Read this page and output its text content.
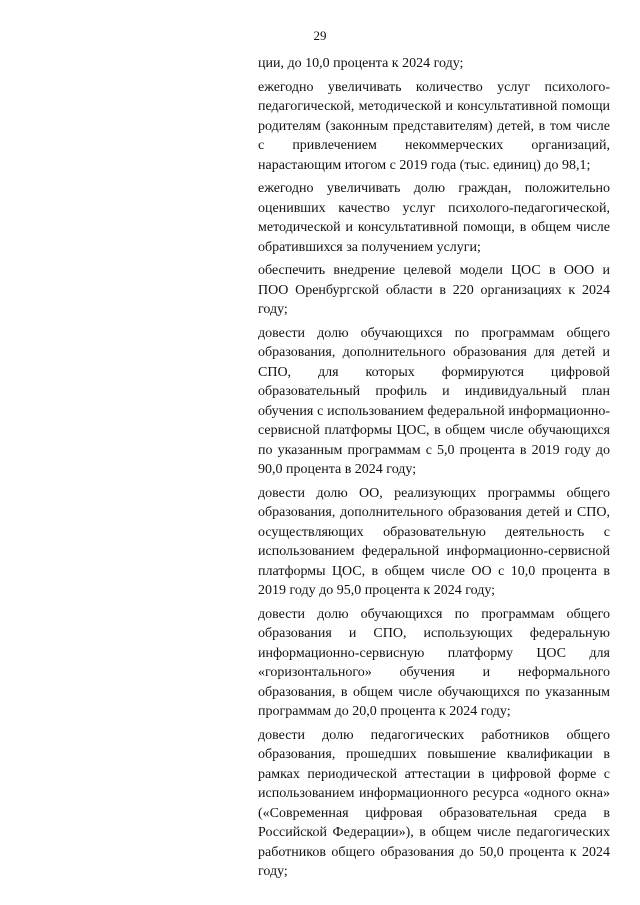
29

ции, до 10,0 процента к 2024 году;

ежегодно увеличивать количество услуг психолого-педагогической, методической и консультативной помощи родителям (законным представителям) детей, в том числе с привлечением некоммерческих организаций, нарастающим итогом с 2019 года (тыс. единиц) до 98,1;

ежегодно увеличивать долю граждан, положительно оценивших качество услуг психолого-педагогической, методической и консультативной помощи, в общем числе обратившихся за получением услуги;

обеспечить внедрение целевой модели ЦОС в ООО и ПОО Оренбургской области в 220 организациях к 2024 году;

довести долю обучающихся по программам общего образования, дополнительного образования для детей и СПО, для которых формируются цифровой образовательный профиль и индивидуальный план обучения с использованием федеральной информационно-сервисной платформы ЦОС, в общем числе обучающихся по указанным программам с 5,0 процента в 2019 году до 90,0 процента в 2024 году;

довести долю ОО, реализующих программы общего образования, дополнительного образования детей и СПО, осуществляющих образовательную деятельность с использованием федеральной информационно-сервисной платформы ЦОС, в общем числе ОО с 10,0 процента в 2019 году до 95,0 процента к 2024 году;

довести долю обучающихся по программам общего образования и СПО, использующих федеральную информационно-сервисную платформу ЦОС для «горизонтального» обучения и неформального образования, в общем числе обучающихся по указанным программам до 20,0 процента к 2024 году;

довести долю педагогических работников общего образования, прошедших повышение квалификации в рамках периодической аттестации в цифровой форме с использованием информационного ресурса «одного окна» («Современная цифровая образовательная среда в Российской Федерации»), в общем числе педагогических работников общего образования до 50,0 процента к 2024 году;
